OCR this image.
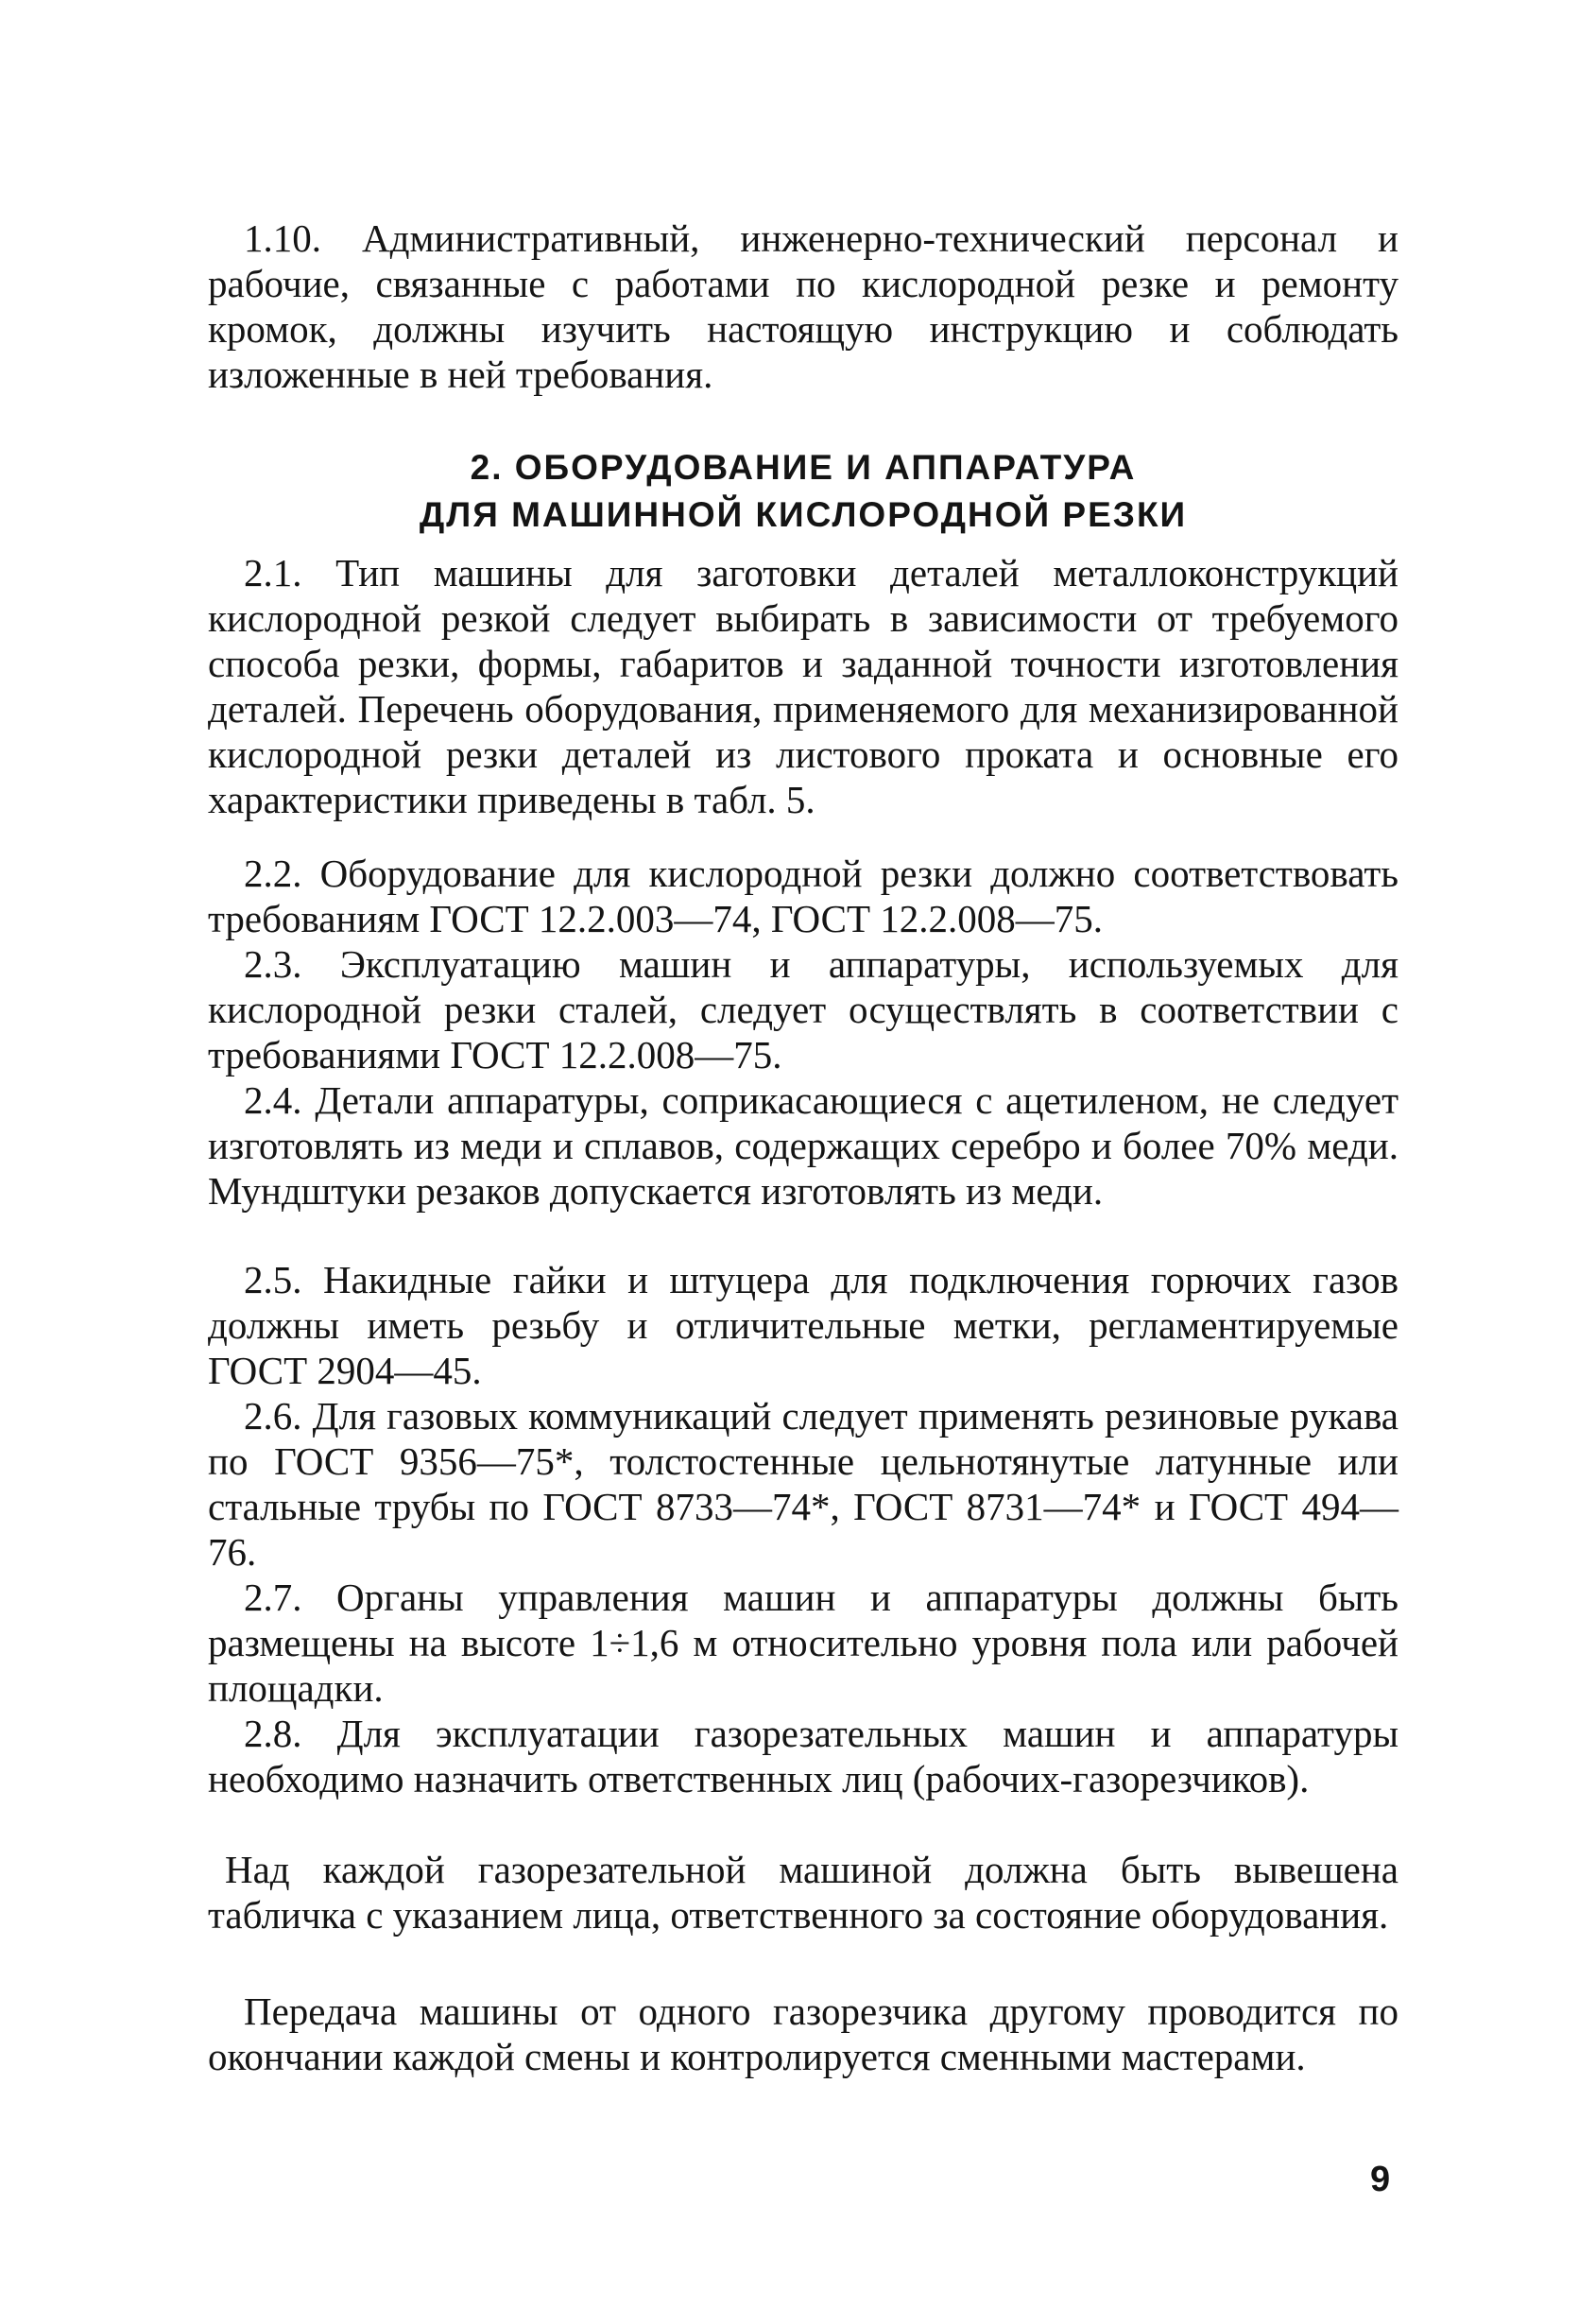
1.10. Административный, инженерно-технический персонал и рабочие, связанные с работами по кислородной резке и ремонту кромок, должны изучить настоящую инструкцию и соблюдать изложенные в ней требования.

2. ОБОРУДОВАНИЕ И АППАРАТУРА
ДЛЯ МАШИННОЙ КИСЛОРОДНОЙ РЕЗКИ

2.1. Тип машины для заготовки деталей металлоконструкций кислородной резкой следует выбирать в зависимости от требуемого способа резки, формы, габаритов и заданной точности изготовления деталей. Перечень оборудования, применяемого для механизированной кислородной резки деталей из листового проката и основные его характеристики приведены в табл. 5.

2.2. Оборудование для кислородной резки должно соответствовать требованиям ГОСТ 12.2.003—74, ГОСТ 12.2.008—75.

2.3. Эксплуатацию машин и аппаратуры, используемых для кислородной резки сталей, следует осуществлять в соответствии с требованиями ГОСТ 12.2.008—75.

2.4. Детали аппаратуры, соприкасающиеся с ацетиленом, не следует изготовлять из меди и сплавов, содержащих серебро и более 70% меди. Мундштуки резаков допускается изготовлять из меди.

2.5. Накидные гайки и штуцера для подключения горючих газов должны иметь резьбу и отличительные метки, регламентируемые ГОСТ 2904—45.

2.6. Для газовых коммуникаций следует применять резиновые рукава по ГОСТ 9356—75*, толстостенные цельнотянутые латунные или стальные трубы по ГОСТ 8733—74*, ГОСТ 8731—74* и ГОСТ 494—76.

2.7. Органы управления машин и аппаратуры должны быть размещены на высоте 1÷1,6 м относительно уровня пола или рабочей площадки.

2.8. Для эксплуатации газорезательных машин и аппаратуры необходимо назначить ответственных лиц (рабочих-газорезчиков).

Над каждой газорезательной машиной должна быть вывешена табличка с указанием лица, ответственного за состояние оборудования.

Передача машины от одного газорезчика другому проводится по окончании каждой смены и контролируется сменными мастерами.

9
